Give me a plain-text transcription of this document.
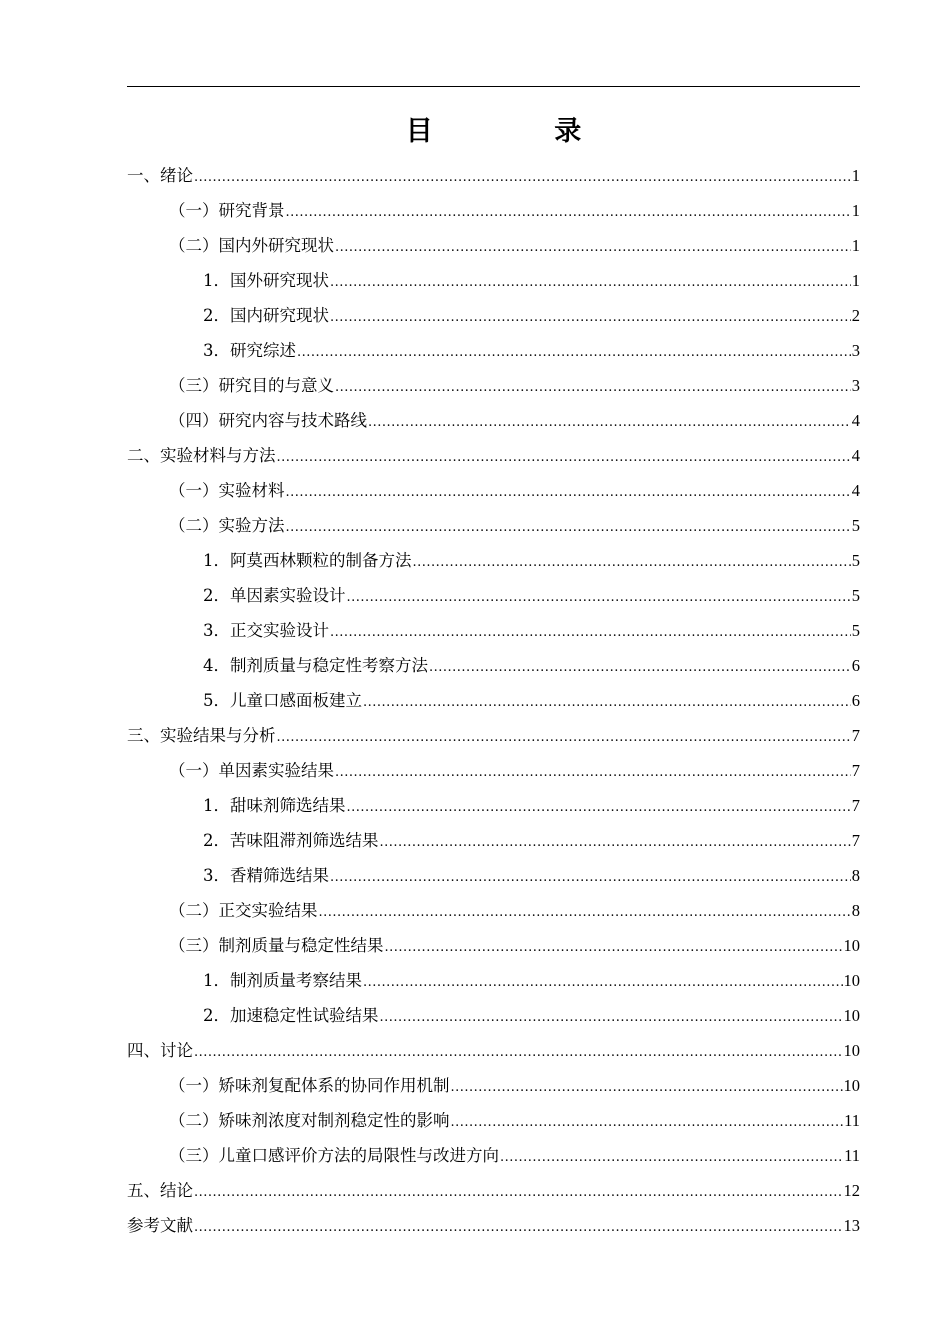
目 录
一、绪论 .....	1
（一）研究背景 .....	1
（二）国内外研究现状 .....	1
1．国外研究现状 .....	1
2．国内研究现状 .....	2
3．研究综述 .....	3
（三）研究目的与意义 .....	3
（四）研究内容与技术路线 .....	4
二、实验材料与方法 .....	4
（一）实验材料 .....	4
（二）实验方法 .....	5
1．阿莫西林颗粒的制备方法 .....	5
2．单因素实验设计 .....	5
3．正交实验设计 .....	5
4．制剂质量与稳定性考察方法 .....	6
5．儿童口感面板建立 .....	6
三、实验结果与分析 .....	7
（一）单因素实验结果 .....	7
1．甜味剂筛选结果 .....	7
2．苦味阻滞剂筛选结果 .....	7
3．香精筛选结果 .....	8
（二）正交实验结果 .....	8
（三）制剂质量与稳定性结果 .....	10
1．制剂质量考察结果 .....	10
2．加速稳定性试验结果 .....	10
四、讨论 .....	10
（一）矫味剂复配体系的协同作用机制 .....	10
（二）矫味剂浓度对制剂稳定性的影响 .....	11
（三）儿童口感评价方法的局限性与改进方向 .....	11
五、结论 .....	12
参考文献 .....	13
